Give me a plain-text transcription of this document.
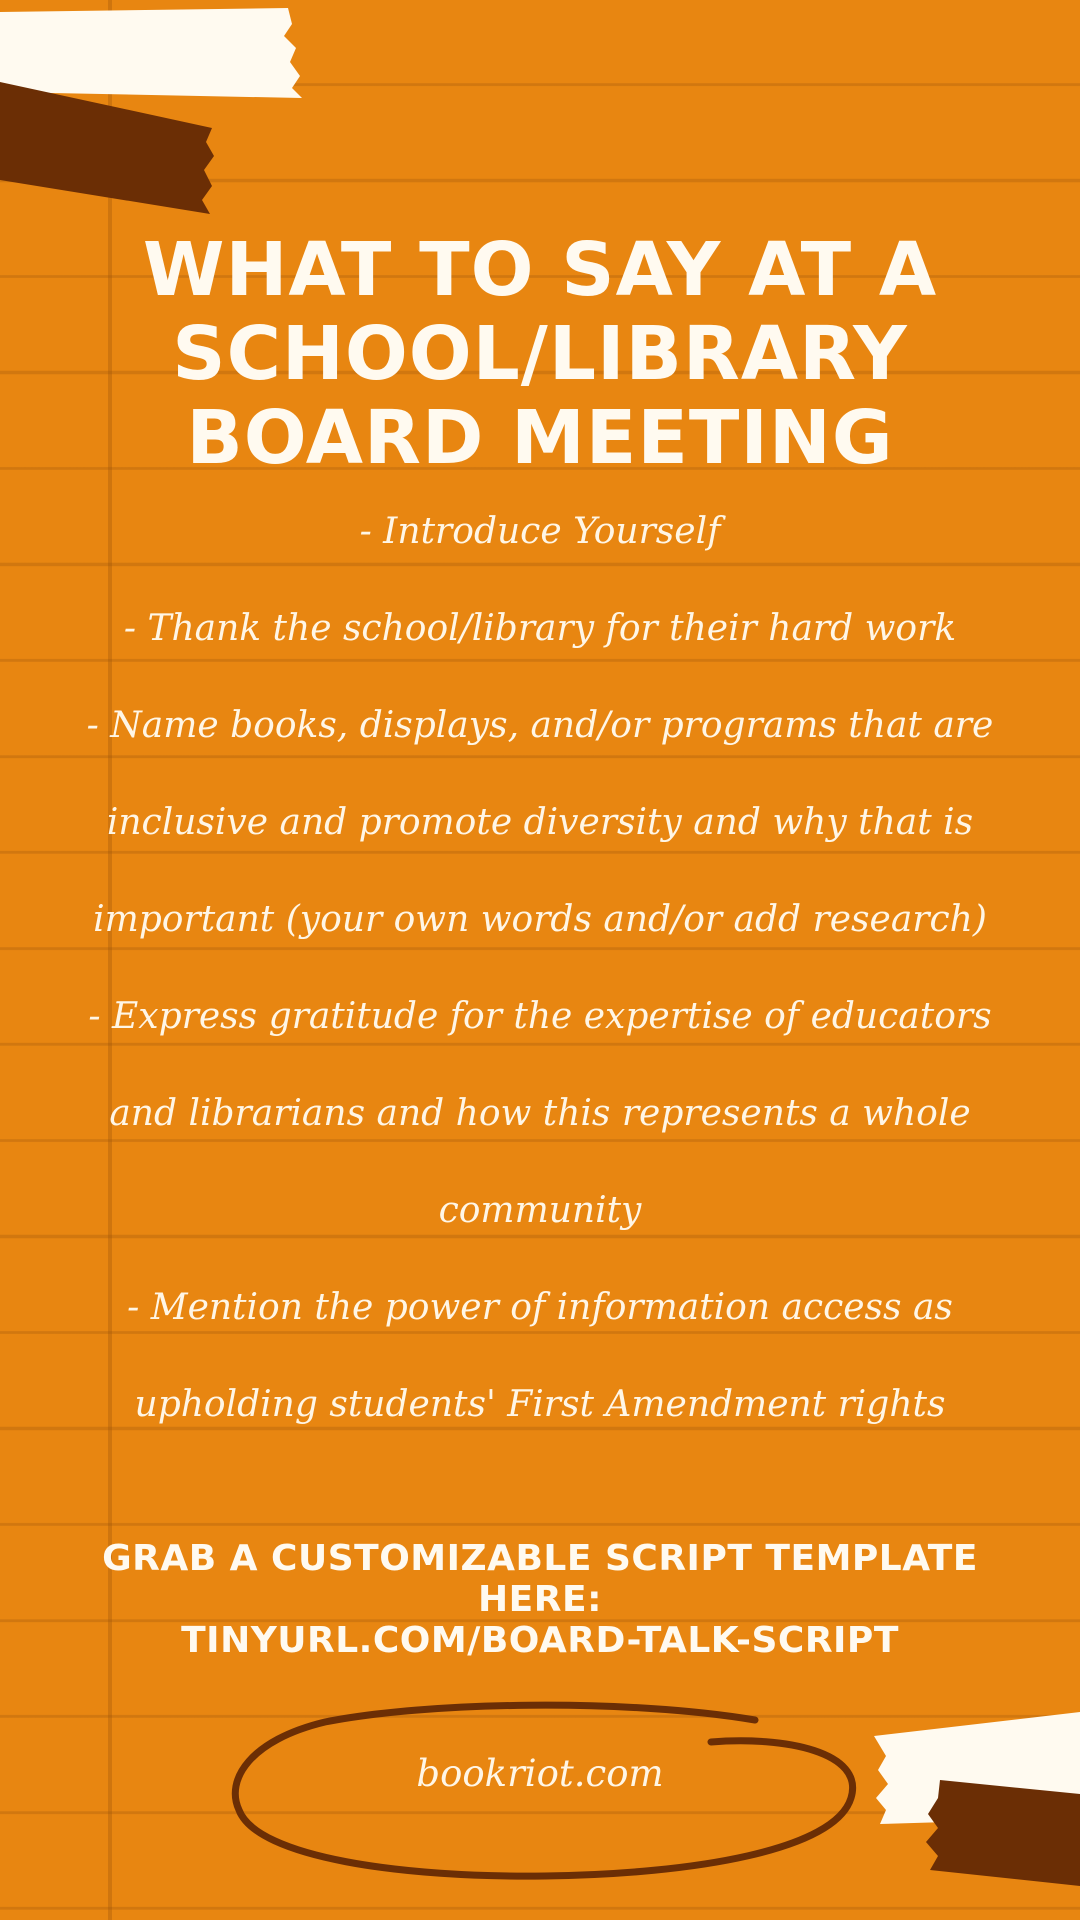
WHAT TO SAY AT A
SCHOOL/LIBRARY
BOARD MEETING
- Introduce Yourself
- Thank the school/library for their hard work
- Name books, displays, and/or programs that are
inclusive and promote diversity and why that is
important (your own words and/or add research)
- Express gratitude for the expertise of educators
and librarians and how this represents a whole
community
- Mention the power of information access as
upholding students' First Amendment rights
GRAB A CUSTOMIZABLE SCRIPT TEMPLATE
HERE:
TINYURL.COM/BOARD-TALK-SCRIPT
bookriot.com
